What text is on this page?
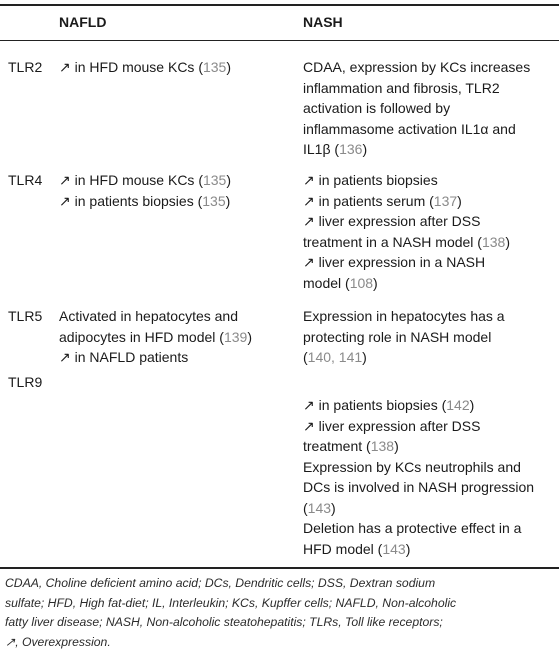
NAFLD	NASH
TLR2 ↗ in HFD mouse KCs (135)	CDAA, expression by KCs increases
inflammation and fibrosis, TLR2
activation is followed by
inflammasome activation IL1α and
IL1β (136)
TLR4 ↗ in HFD mouse KCs (135)
↗ in patients biopsies (135)
↗ in patients biopsies
↗ in patients serum (137)
↗ liver expression after DSS
treatment in a NASH model (138)
↗ liver expression in a NASH
model (108)
TLR5 Activated in hepatocytes and
adipocytes in HFD model (139)
↗ in NAFLD patients
Expression in hepatocytes has a
protecting role in NASH model
(140, 141)
TLR9
↗ in patients biopsies (142)
↗ liver expression after DSS
treatment (138)
Expression by KCs neutrophils and
DCs is involved in NASH progression
(143)
Deletion has a protective effect in a
HFD model (143)
CDAA, Choline deficient amino acid; DCs, Dendritic cells; DSS, Dextran sodium
sulfate; HFD, High fat-diet; IL, Interleukin; KCs, Kupffer cells; NAFLD, Non-alcoholic
fatty liver disease; NASH, Non-alcoholic steatohepatitis; TLRs, Toll like receptors;
↗, Overexpression.
